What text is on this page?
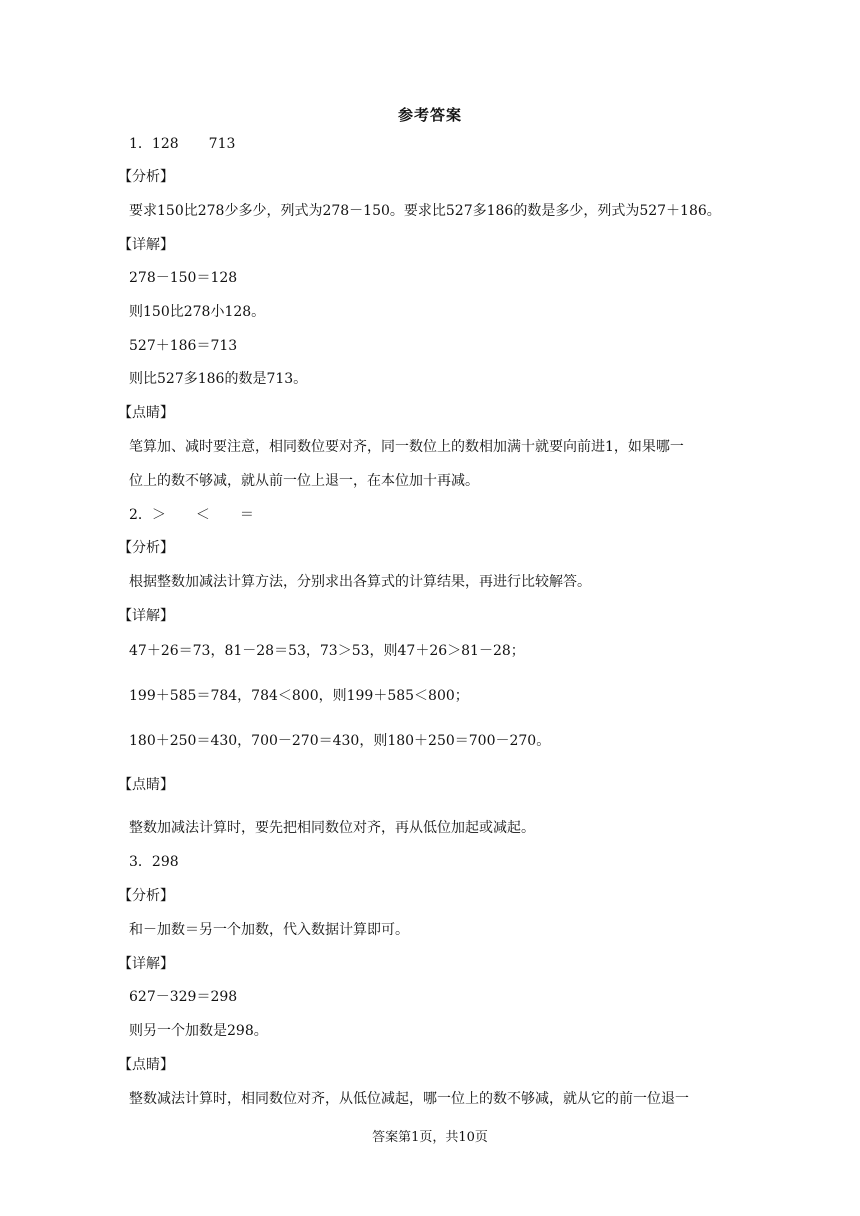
参考答案
1．128 713
【分析】
要求150比278少多少，列式为278－150。要求比527多186的数是多少，列式为527＋186。
【详解】
278－150＝128
则150比278小128。
527＋186＝713
则比527多186的数是713。
【点睛】
笔算加、减时要注意，相同数位要对齐，同一数位上的数相加满十就要向前进1，如果哪一
位上的数不够减，就从前一位上退一，在本位加十再减。
2．＞ ＜ ＝
【分析】
根据整数加减法计算方法，分别求出各算式的计算结果，再进行比较解答。
【详解】
47＋26＝73，81－28＝53，73＞53，则47＋26＞81－28；
199＋585＝784，784＜800，则199＋585＜800；
180＋250＝430，700－270＝430，则180＋250＝700－270。
【点睛】
整数加减法计算时，要先把相同数位对齐，再从低位加起或减起。
3．298
【分析】
和－加数＝另一个加数，代入数据计算即可。
【详解】
627－329＝298
则另一个加数是298。
【点睛】
整数减法计算时，相同数位对齐，从低位减起，哪一位上的数不够减，就从它的前一位退一
答案第1页，共10页
